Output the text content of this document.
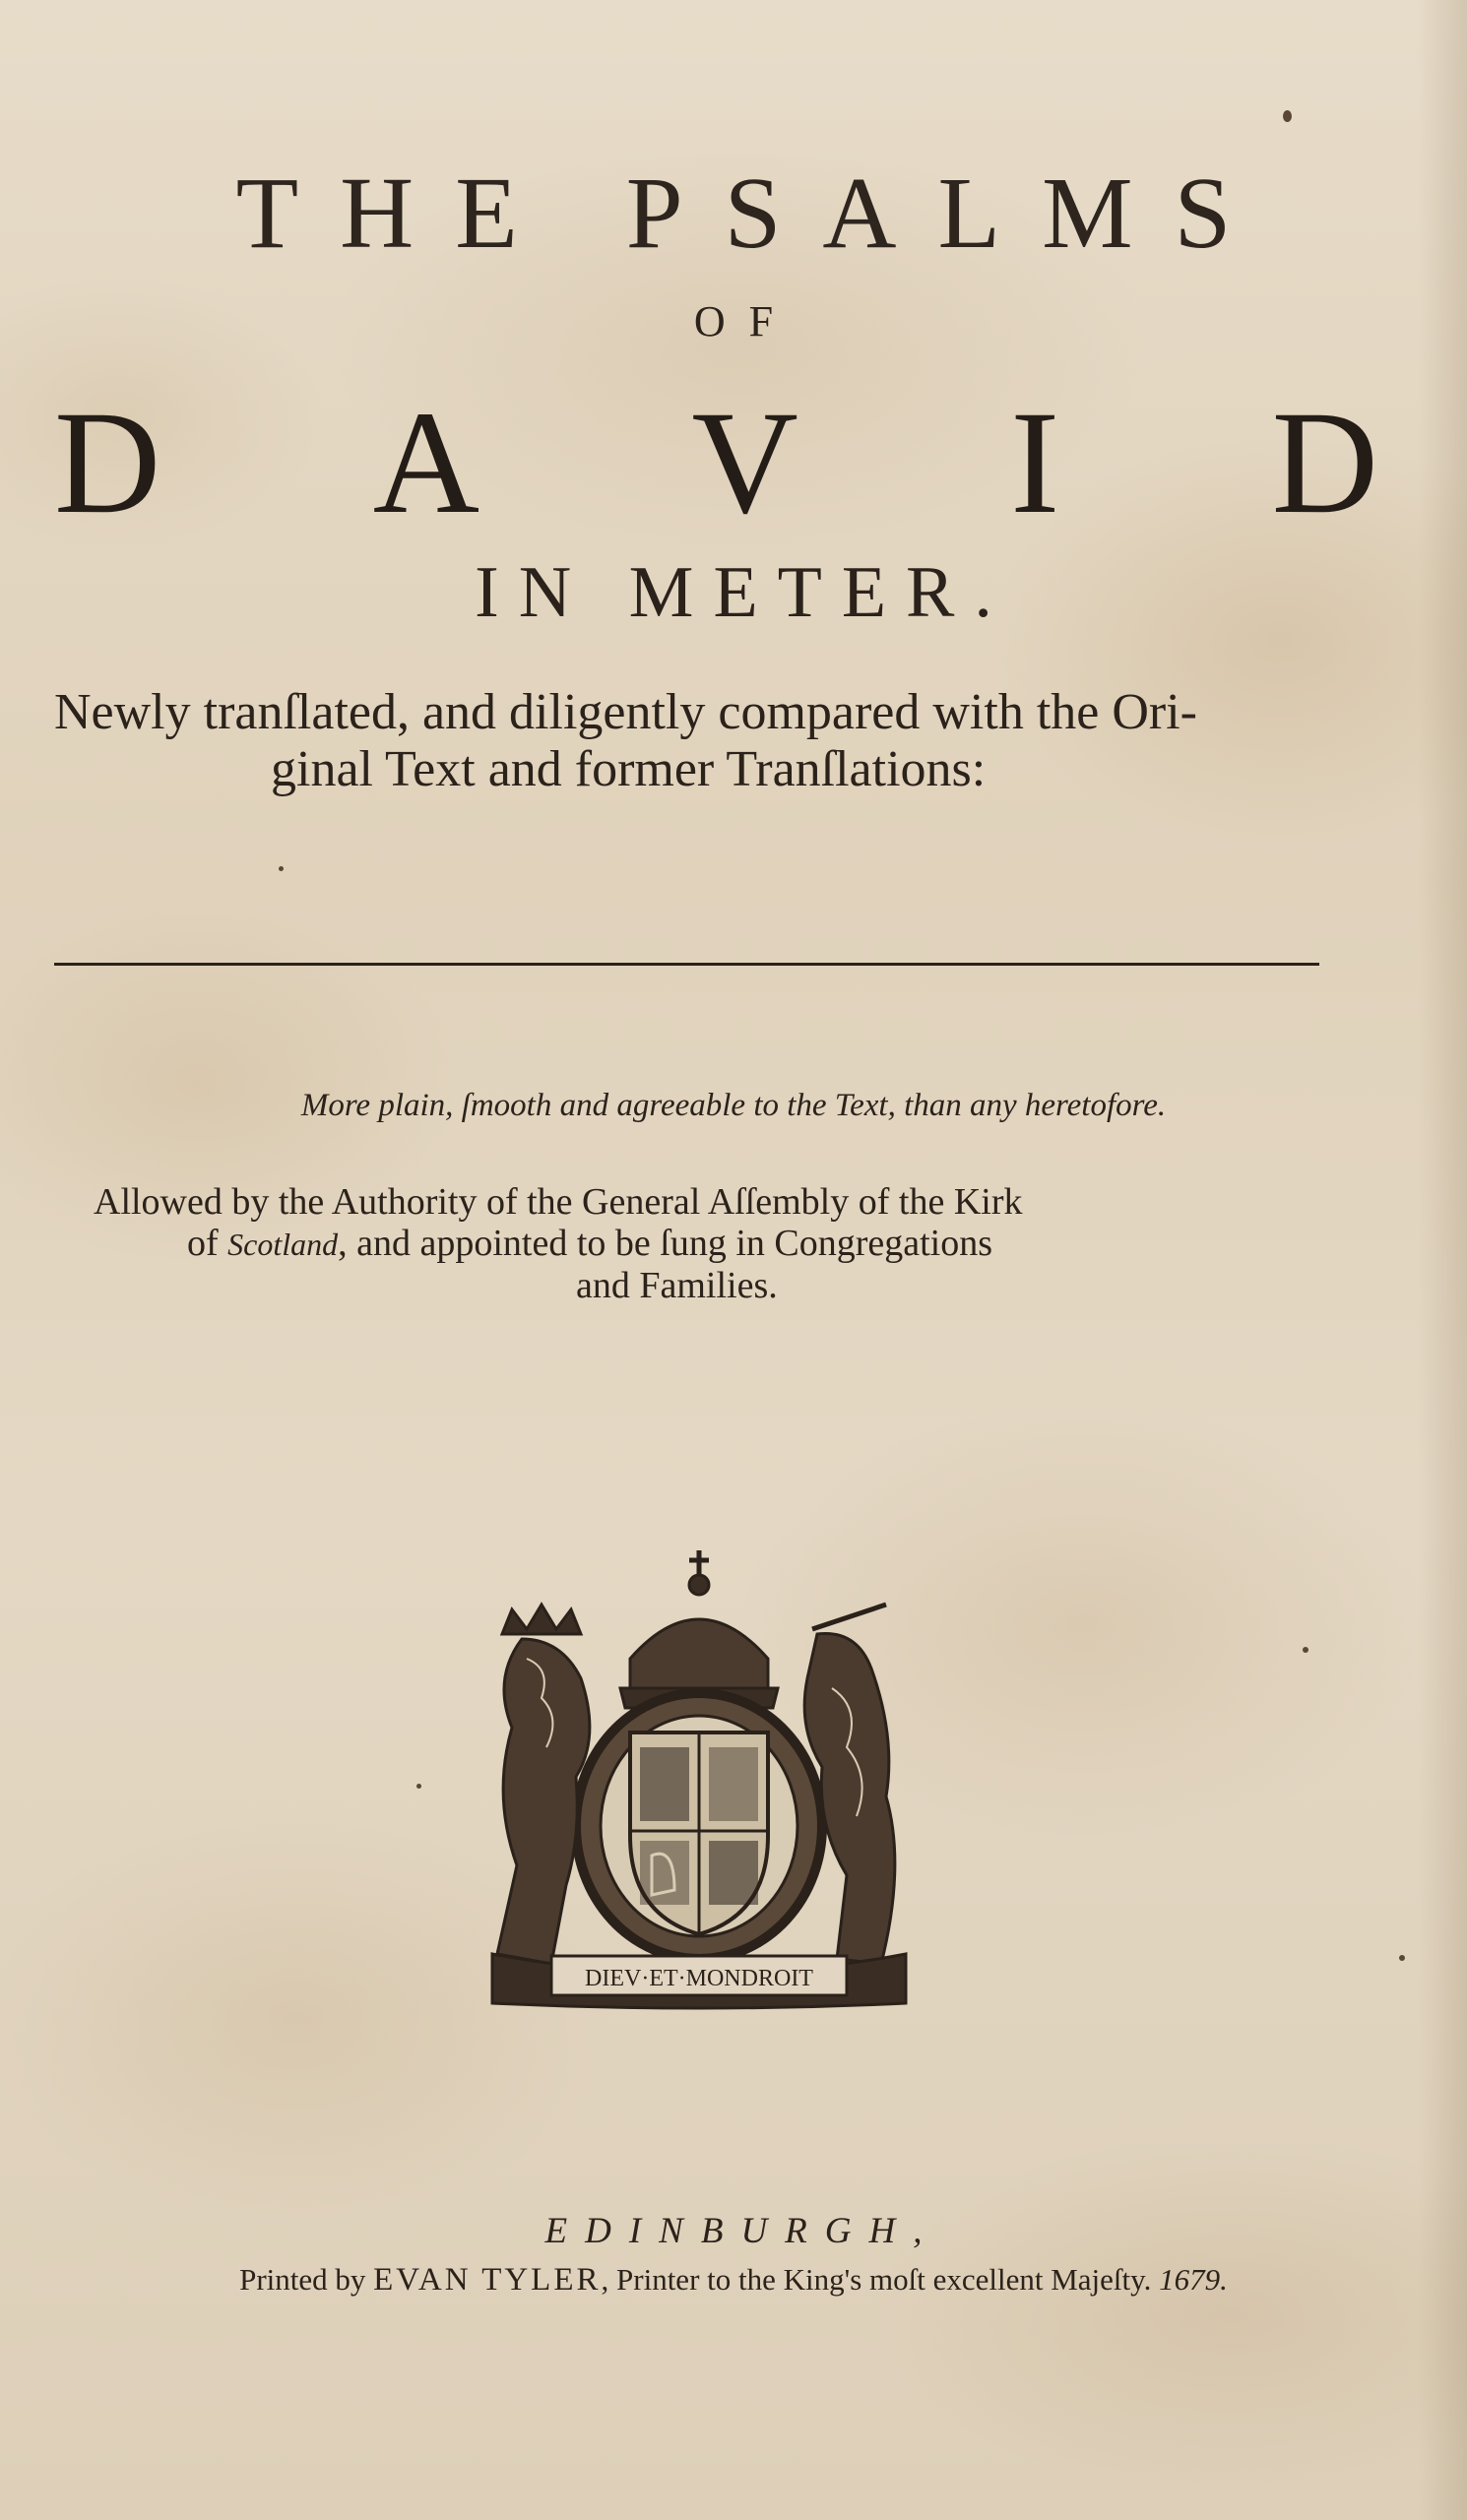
THE PSALMS
OF
D A V I D
IN METER.
Newly tranſlated, and diligently compared with the Ori-
ginal Text and former Tranſlations:
More plain, ſmooth and agreeable to the Text, than any heretofore.
Allowed by the Authority of the General Aſſembly of the Kirk
of Scotland, and appointed to be ſung in Congregations
and Families.
DIEV·ET·MONDROIT
EDINBURGH,
Printed by EVAN TYLER, Printer to the King's moſt excellent Majeſty. 1679.
